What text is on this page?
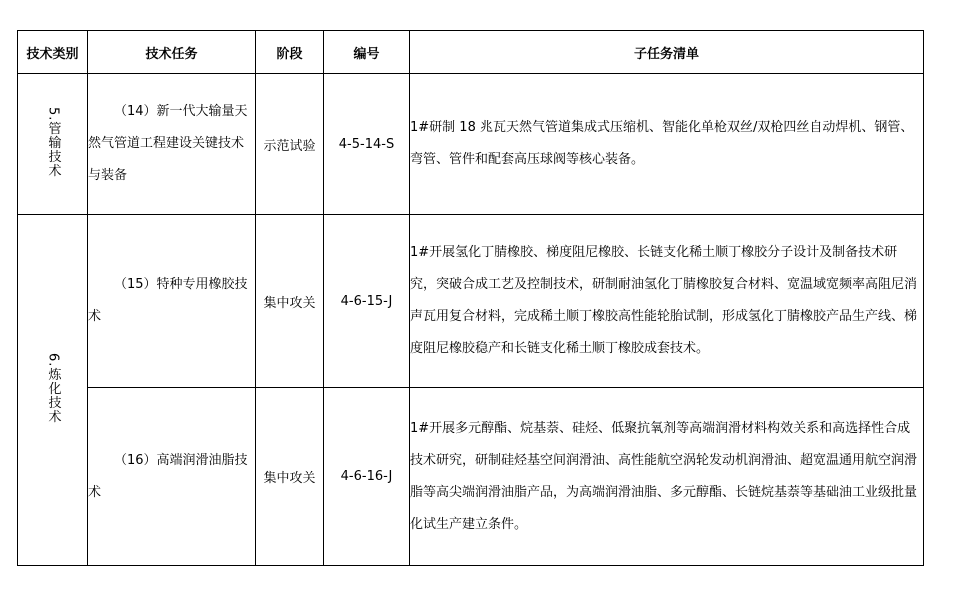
技术类别	技术任务	阶段	编号	子任务清单
5.管输技术	（14）新一代大输量天然气管道工程建设关键技术与装备	示范试验	4-5-14-S	1#研制 18 兆瓦天然气管道集成式压缩机、智能化单枪双丝/双枪四丝自动焊机、钢管、弯管、管件和配套高压球阀等核心装备。
6.炼化技术	（15）特种专用橡胶技术	集中攻关	4-6-15-J	1#开展氢化丁腈橡胶、梯度阻尼橡胶、长链支化稀土顺丁橡胶分子设计及制备技术研究，突破合成工艺及控制技术，研制耐油氢化丁腈橡胶复合材料、宽温域宽频率高阻尼消声瓦用复合材料，完成稀土顺丁橡胶高性能轮胎试制，形成氢化丁腈橡胶产品生产线、梯度阻尼橡胶稳产和长链支化稀土顺丁橡胶成套技术。
	（16）高端润滑油脂技术	集中攻关	4-6-16-J	1#开展多元醇酯、烷基萘、硅烃、低聚抗氧剂等高端润滑材料构效关系和高选择性合成技术研究，研制硅烃基空间润滑油、高性能航空涡轮发动机润滑油、超宽温通用航空润滑脂等高尖端润滑油脂产品，为高端润滑油脂、多元醇酯、长链烷基萘等基础油工业级批量化试生产建立条件。
